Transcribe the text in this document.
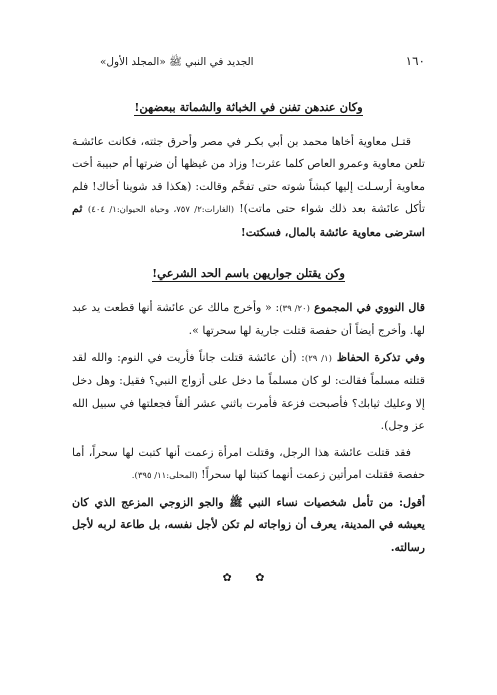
١٦٠
الجديد في النبي ﷺ «المجلد الأول»
وكان عندهن تفنن في الخباثة والشماتة ببعضهن!

قتـل معاوية أخاها محمد بن أبي بكـر في مصر وأحرق جثته، فكانت عائشـة تلعن معاوية وعمرو العاص كلما عثرت! وزاد من غيظها أن ضرتها أم حبيبة أخت معاوية أرسـلت إليها كبشاً شوته حتى تفحَّم وقالت: (هكذا قد شوينا أخاك! فلم تأكل عائشة بعد ذلك شواء حتى ماتت)! (الغارات:٢/ ٧٥٧، وحياة الحيوان:١/ ٤٠٤) ثم استرضى معاوية عائشة بالمال، فسكتت!

وكن يقتلن جواريهن باسم الحد الشرعي!

قال النووي في المجموع (٢٠/ ٣٩): « وأخرج مالك عن عائشة أنها قطعت يد عبد لها. وأخرج أيضاً أن حفصة قتلت جارية لها سحرتها ».

وفي تذكرة الحفاظ (١/ ٢٩): (أن عائشة قتلت جاناً فأريت في النوم: والله لقد قتلته مسلماً فقالت: لو كان مسلماً ما دخل على أزواج النبي؟ فقيل: وهل دخل إلا وعليك ثيابك؟ فأصبحت فزعة فأمرت باثني عشر ألفاً فجعلتها في سبيل الله عز وجل).

فقد قتلت عائشة هذا الرجل، وقتلت امرأة زعمت أنها كتبت لها سحراً، أما حفصة فقتلت امرأتين زعمت أنهما كتبتا لها سحراً! (المحلى:١١/ ٣٩٥).

أقول: من تأمل شخصيات نساء النبي ﷺ والجو الزوجي المزعج الذي كان يعيشه في المدينة، يعرف أن زواجاته لم تكن لأجل نفسه، بل طاعة لربه لأجل رسالته.

✿ ✿
